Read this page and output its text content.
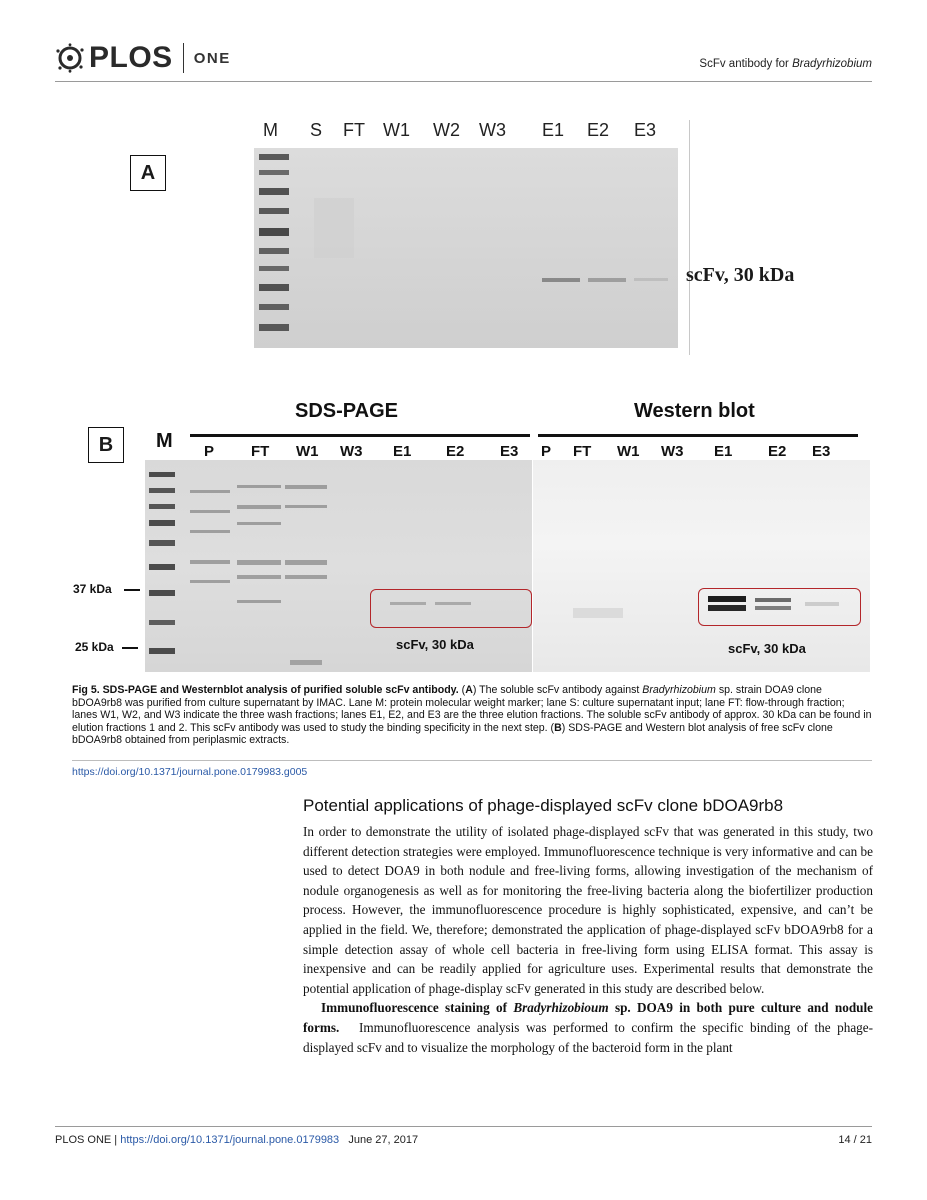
PLOS ONE	ScFv antibody for Bradyrhizobium
A
M S FT W1 W2 W3 E1 E2 E3
scFv, 30 kDa
B	M
SDS-PAGE	Western blot
P FT W1 W3 E1 E2 E3 P FT W1 W3 E1 E2 E3
37 kDa
25 kDa	scFv, 30 kDa	scFv, 30 kDa
Fig 5. SDS-PAGE and Westernblot analysis of purified soluble scFv antibody. (A) The soluble scFv antibody against Bradyrhizobium sp. strain DOA9 clone bDOA9rb8 was purified from culture supernatant by IMAC. Lane M: protein molecular weight marker; lane S: culture supernatant input; lane FT: flow-through fraction; lanes W1, W2, and W3 indicate the three wash fractions; lanes E1, E2, and E3 are the three elution fractions. The soluble scFv antibody of approx. 30 kDa can be found in elution fractions 1 and 2. This scFv antibody was used to study the binding specificity in the next step. (B) SDS-PAGE and Western blot analysis of free scFv clone bDOA9rb8 obtained from periplasmic extracts.
https://doi.org/10.1371/journal.pone.0179983.g005
Potential applications of phage-displayed scFv clone bDOA9rb8

In order to demonstrate the utility of isolated phage-displayed scFv that was generated in this study, two different detection strategies were employed. Immunofluorescence technique is very informative and can be used to detect DOA9 in both nodule and free-living forms, allowing investigation of the mechanism of nodule organogenesis as well as for monitoring the free-living bacteria along the biofertilizer production process. However, the immunofluorescence procedure is highly sophisticated, expensive, and can’t be applied in the field. We, therefore; demonstrated the application of phage-displayed scFv bDOA9rb8 for a simple detection assay of whole cell bacteria in free-living form using ELISA format. This assay is inexpensive and can be readily applied for agriculture uses. Experimental results that demonstrate the potential application of phage-display scFv generated in this study are described below.

Immunofluorescence staining of Bradyrhizobioum sp. DOA9 in both pure culture and nodule forms. Immunofluorescence analysis was performed to confirm the specific binding of the phage-displayed scFv and to visualize the morphology of the bacteroid form in the plant

PLOS ONE | https://doi.org/10.1371/journal.pone.0179983 June 27, 2017	14 / 21
